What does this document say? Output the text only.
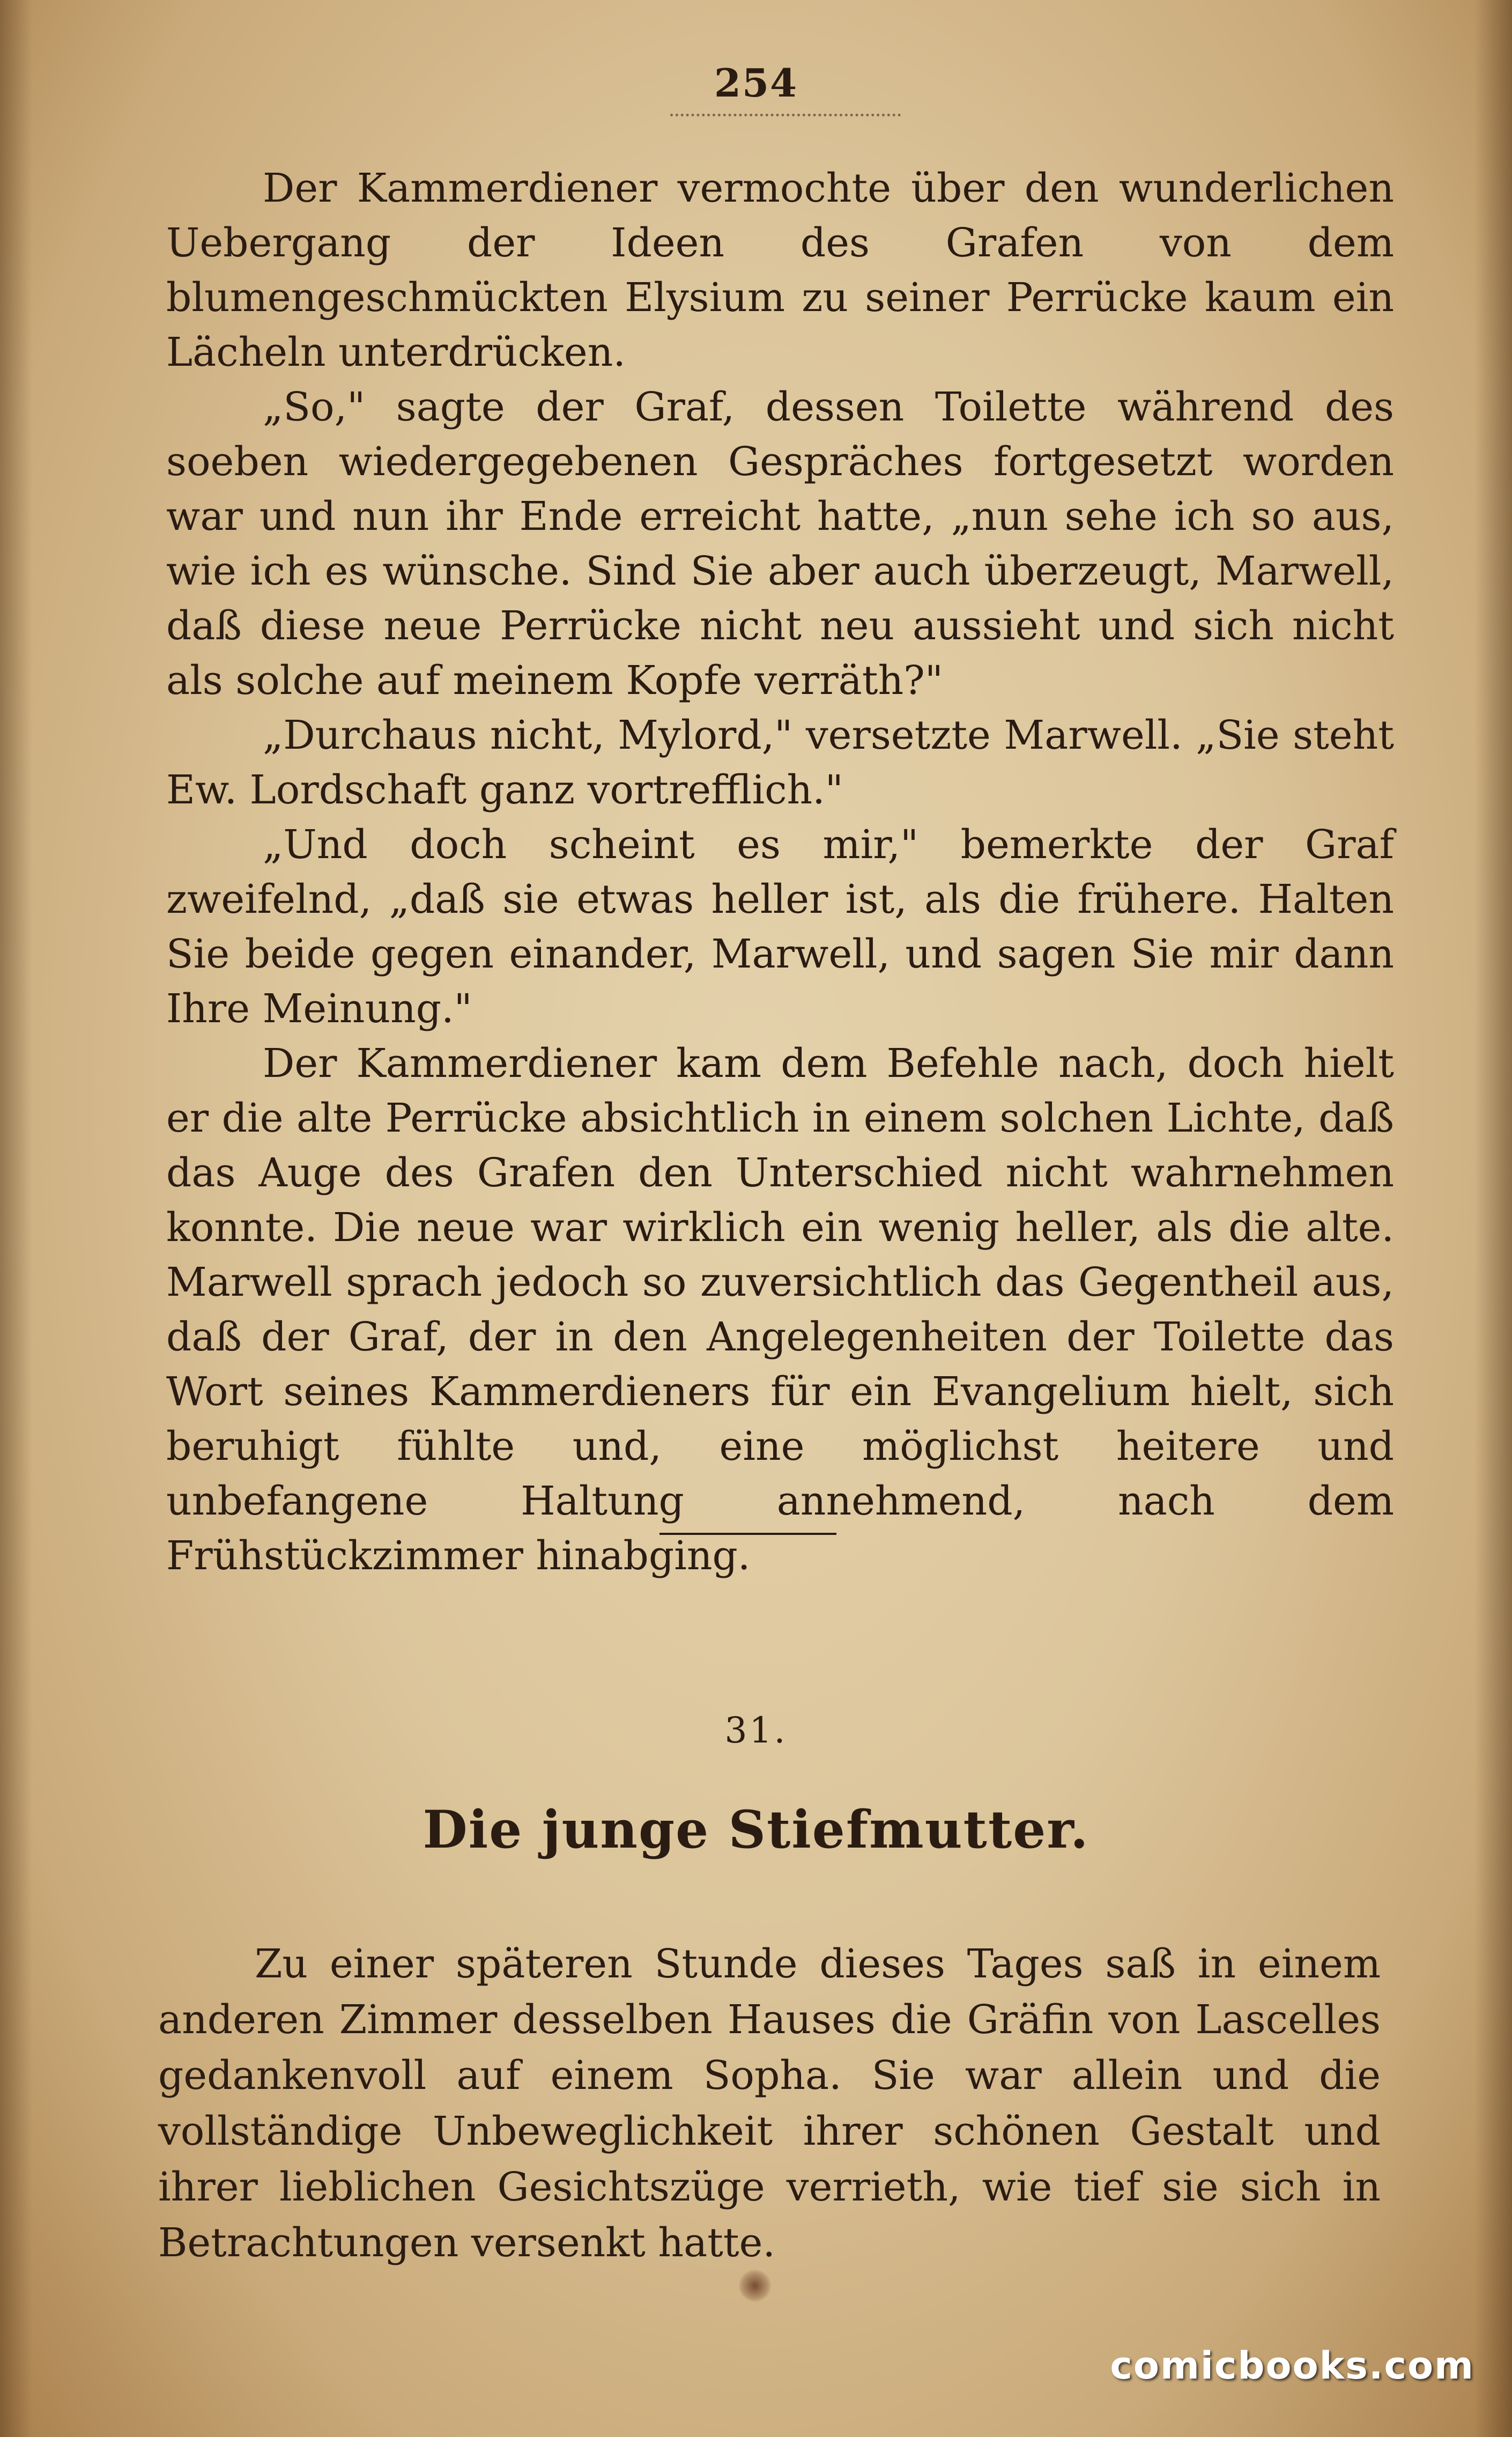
254

Der Kammerdiener vermochte über den wunderlichen Uebergang der Ideen des Grafen von dem blumengeschmückten Elysium zu seiner Perrücke kaum ein Lächeln unterdrücken.

„So," sagte der Graf, dessen Toilette während des soeben wiedergegebenen Gespräches fortgesetzt worden war und nun ihr Ende erreicht hatte, „nun sehe ich so aus, wie ich es wünsche. Sind Sie aber auch überzeugt, Marwell, daß diese neue Perrücke nicht neu aussieht und sich nicht als solche auf meinem Kopfe verräth?"

„Durchaus nicht, Mylord," versetzte Marwell. „Sie steht Ew. Lordschaft ganz vortrefflich."

„Und doch scheint es mir," bemerkte der Graf zweifelnd, „daß sie etwas heller ist, als die frühere. Halten Sie beide gegen einander, Marwell, und sagen Sie mir dann Ihre Meinung."

Der Kammerdiener kam dem Befehle nach, doch hielt er die alte Perrücke absichtlich in einem solchen Lichte, daß das Auge des Grafen den Unterschied nicht wahrnehmen konnte. Die neue war wirklich ein wenig heller, als die alte. Marwell sprach jedoch so zuversichtlich das Gegentheil aus, daß der Graf, der in den Angelegenheiten der Toilette das Wort seines Kammerdieners für ein Evangelium hielt, sich beruhigt fühlte und, eine möglichst heitere und unbefangene Haltung annehmend, nach dem Frühstückzimmer hinabging.

31.
Die junge Stiefmutter.

Zu einer späteren Stunde dieses Tages saß in einem anderen Zimmer desselben Hauses die Gräfin von Lascelles gedankenvoll auf einem Sopha. Sie war allein und die vollständige Unbeweglichkeit ihrer schönen Gestalt und ihrer lieblichen Gesichtszüge verrieth, wie tief sie sich in Betrachtungen versenkt hatte.

comicbooks.com
